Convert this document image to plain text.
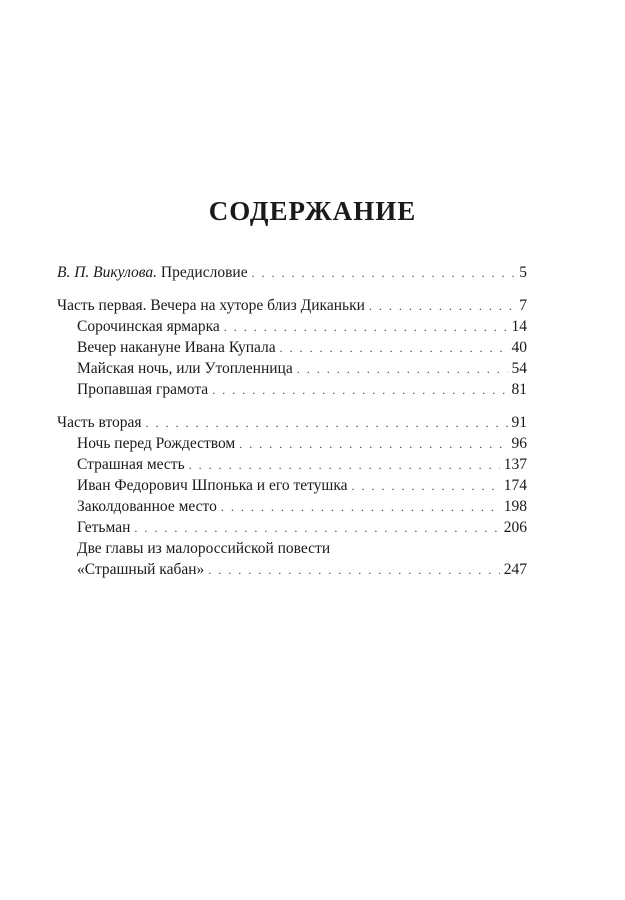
СОДЕРЖАНИЕ
В. П. Викулова. Предисловие . . .	5
Часть первая. Вечера на хуторе близ Диканьки . . .	7
Сорочинская ярмарка . . .	14
Вечер накануне Ивана Купала . . .	40
Майская ночь, или Утопленница . . .	54
Пропавшая грамота . . .	81
Часть вторая . . .	91
Ночь перед Рождеством . . .	96
Страшная месть . . .	137
Иван Федорович Шпонька и его тетушка . . .	174
Заколдованное место . . .	198
Гетьман . . .	206
Две главы из малороссийской повести
«Страшный кабан» . . .	247
